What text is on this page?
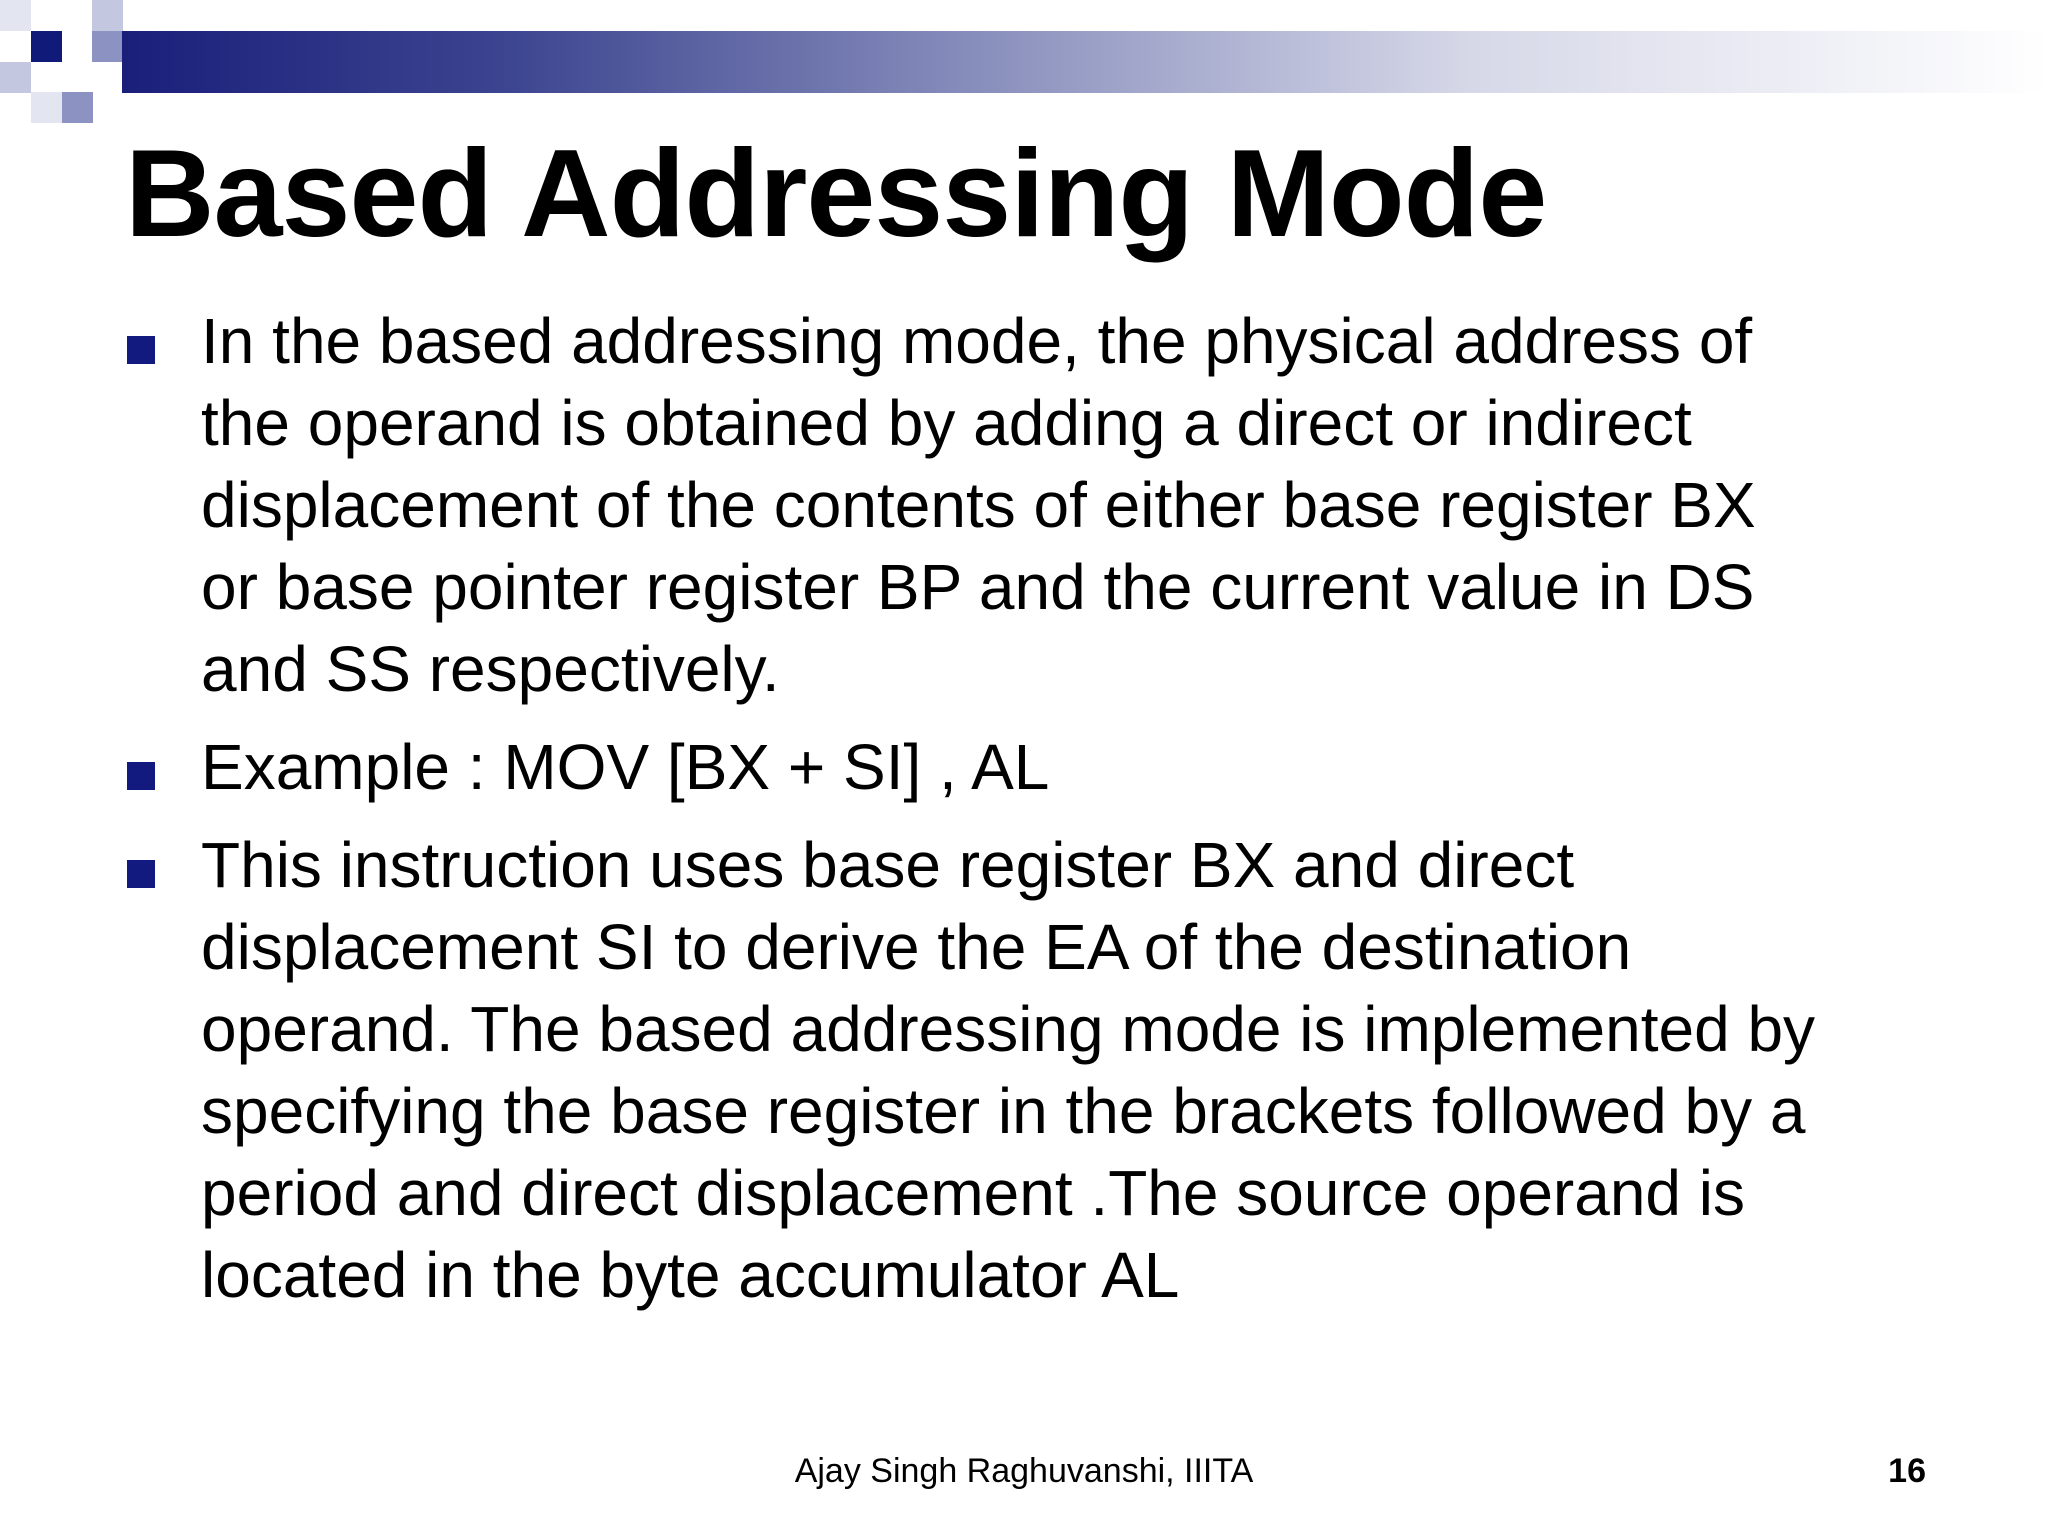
Based Addressing Mode
In the based addressing mode, the physical address of
the operand is obtained by adding a direct or indirect
displacement of the contents of either base register BX
or base pointer register BP and the current value in DS
and SS respectively.
Example : MOV [BX + SI] , AL
This instruction uses base register BX and direct
displacement SI to derive the EA of the destination
operand. The based addressing mode is implemented by
specifying the base register in the brackets followed by a
period and direct displacement .The source operand is
located in the byte accumulator AL
Ajay Singh Raghuvanshi, IIITA	16
